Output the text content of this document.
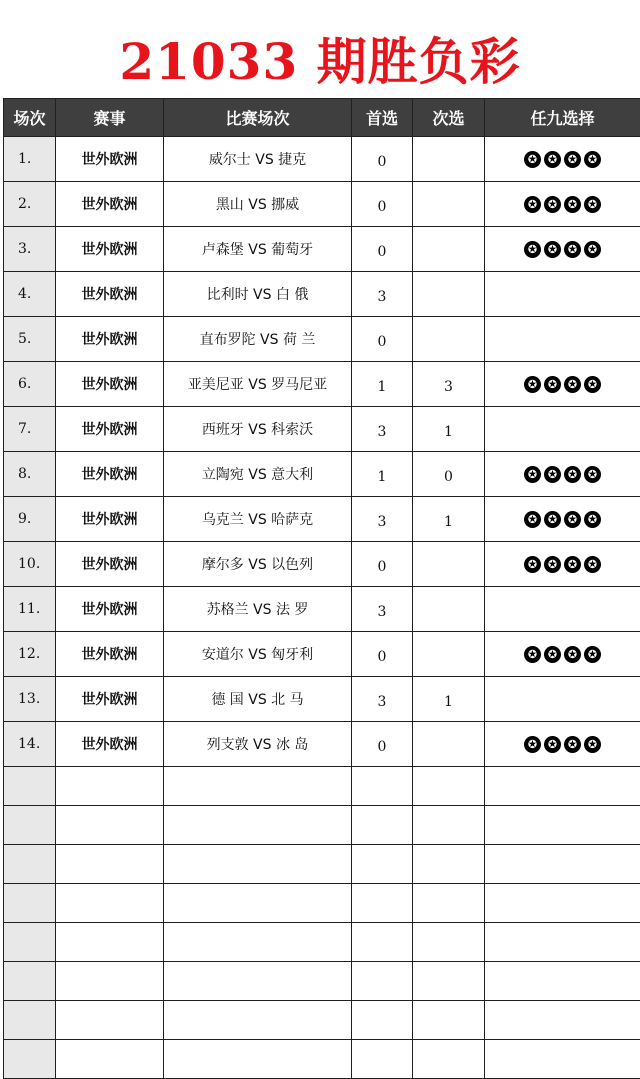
21033 期胜负彩
场次	赛事	比赛场次	首选	次选	任九选择
1.	世外欧洲	威尔士 VS 捷克	0		✪ ✪ ✪ ✪

2.	世外欧洲	黑山 VS 挪威	0		✪ ✪ ✪ ✪

3.	世外欧洲	卢森堡 VS 葡萄牙	0		✪ ✪ ✪ ✪

4.	世外欧洲	比利时 VS 白 俄	3		
5.	世外欧洲	直布罗陀 VS 荷 兰	0		
6.	世外欧洲	亚美尼亚 VS 罗马尼亚	1	3	✪ ✪ ✪ ✪

7.	世外欧洲	西班牙 VS 科索沃	3	1	
8.	世外欧洲	立陶宛 VS 意大利	1	0	✪ ✪ ✪ ✪

9.	世外欧洲	乌克兰 VS 哈萨克	3	1	✪ ✪ ✪ ✪

10.	世外欧洲	摩尔多 VS 以色列	0		✪ ✪ ✪ ✪

11.	世外欧洲	苏格兰 VS 法 罗	3		
12.	世外欧洲	安道尔 VS 匈牙利	0		✪ ✪ ✪ ✪

13.	世外欧洲	德 国 VS 北 马	3	1	
14.	世外欧洲	列支敦 VS 冰 岛	0		✪ ✪ ✪ ✪
